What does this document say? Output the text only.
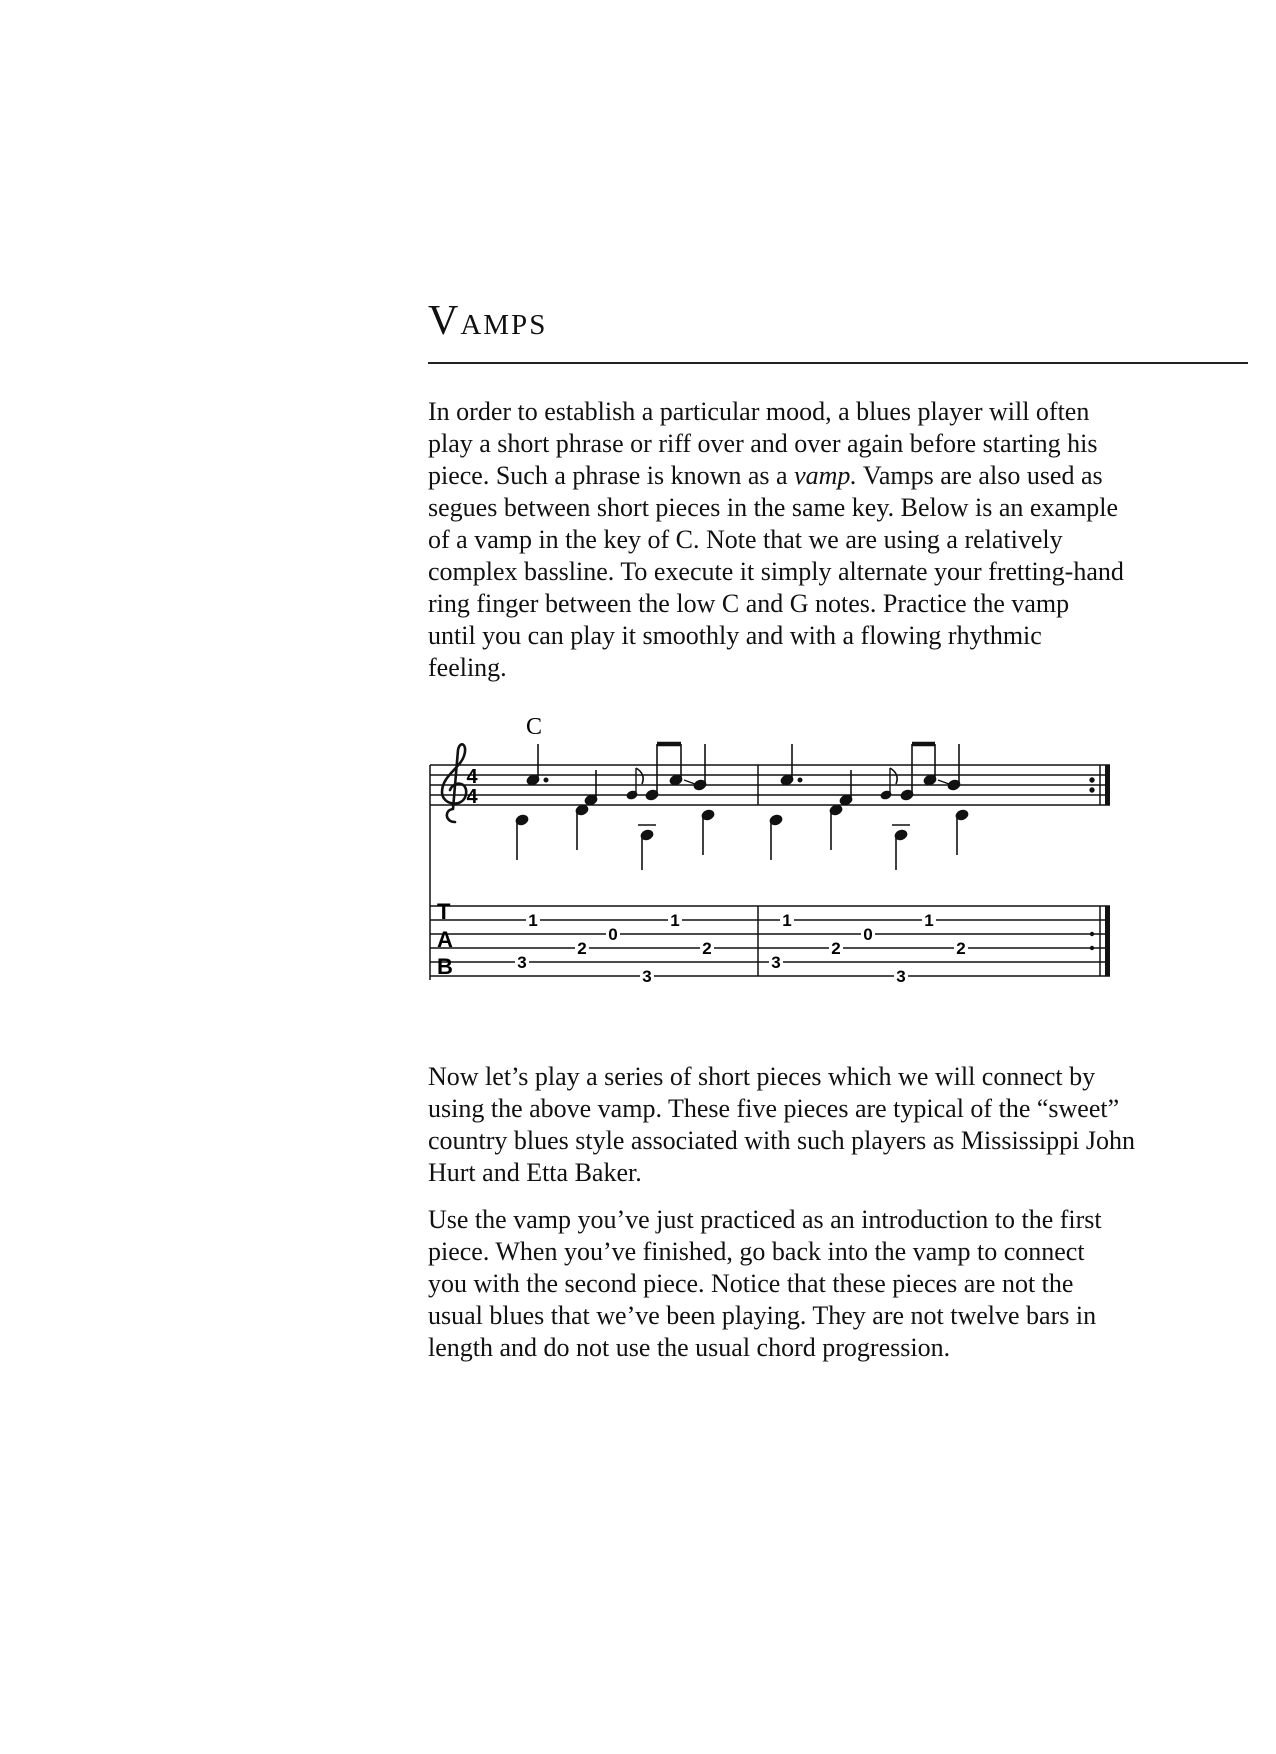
Vamps

In order to establish a particular mood, a blues player will often
play a short phrase or riff over and over again before starting his
piece. Such a phrase is known as a vamp. Vamps are also used as
segues between short pieces in the same key. Below is an example
of a vamp in the key of C. Note that we are using a relatively
complex bassline. To execute it simply alternate your fretting-hand
ring finger between the low C and G notes. Practice the vamp
until you can play it smoothly and with a flowing rhythmic
feeling.

C
4
4
T
A
B
1
3
2
0
3
1
2
1
3
2
0
3
1
2

Now let’s play a series of short pieces which we will connect by
using the above vamp. These five pieces are typical of the “sweet”
country blues style associated with such players as Mississippi John
Hurt and Etta Baker.

Use the vamp you’ve just practiced as an introduction to the first
piece. When you’ve finished, go back into the vamp to connect
you with the second piece. Notice that these pieces are not the
usual blues that we’ve been playing. They are not twelve bars in
length and do not use the usual chord progression.
